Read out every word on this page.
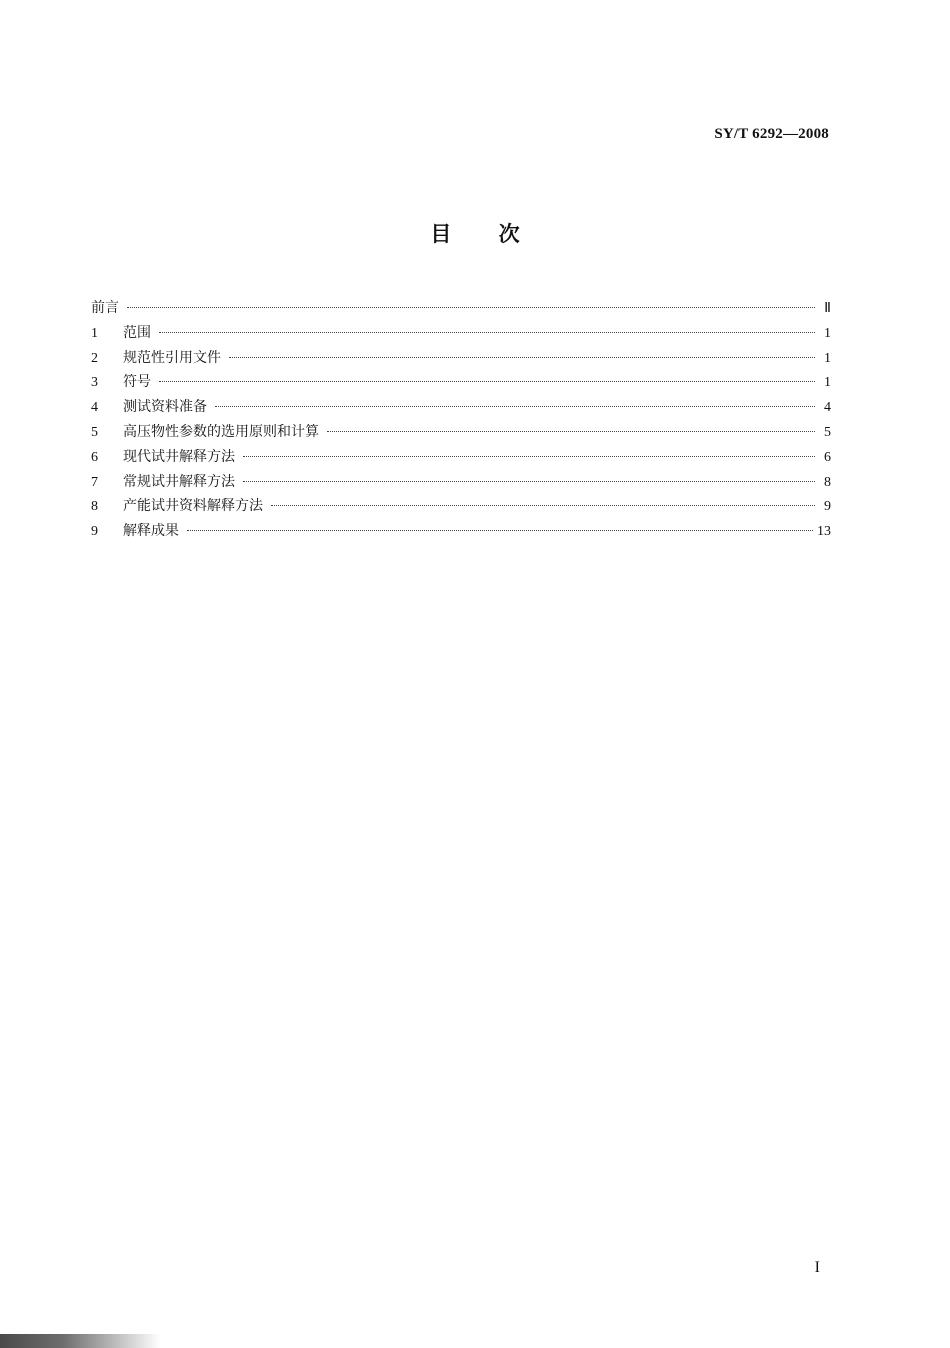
SY/T 6292—2008
目 次
前言	Ⅱ
1	范围	1
2	规范性引用文件	1
3	符号	1
4	测试资料准备	4
5	高压物性参数的选用原则和计算	5
6	现代试井解释方法	6
7	常规试井解释方法	8
8	产能试井资料解释方法	9
9	解释成果	13
I
